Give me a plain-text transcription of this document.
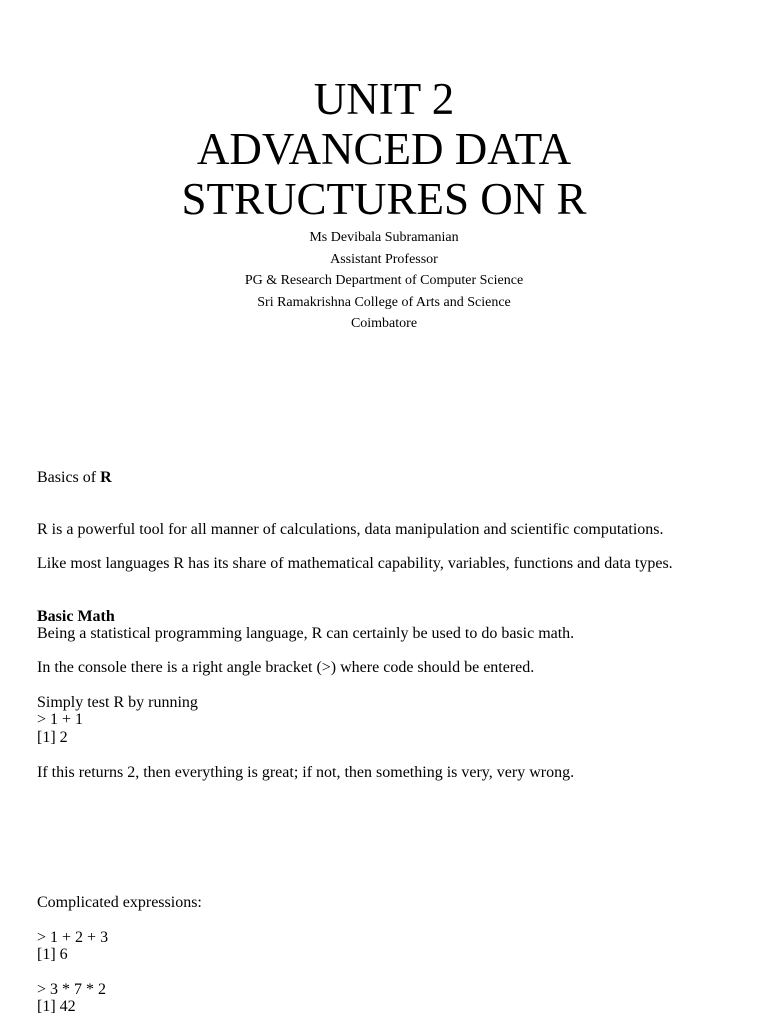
UNIT 2
ADVANCED DATA
STRUCTURES ON R
Ms Devibala Subramanian
Assistant Professor
PG & Research Department of Computer Science
Sri Ramakrishna College of Arts and Science
Coimbatore
Basics of R
R is a powerful tool for all manner of calculations, data manipulation and scientific computations.
Like most languages R has its share of mathematical capability, variables, functions and data types.
Basic Math
Being a statistical programming language, R can certainly be used to do basic math.
In the console there is a right angle bracket (>) where code should be entered.
Simply test R by running
> 1 + 1
[1] 2
If this returns 2, then everything is great; if not, then something is very, very wrong.
Complicated expressions:
> 1 + 2 + 3
[1] 6
> 3 * 7 * 2
[1] 42
